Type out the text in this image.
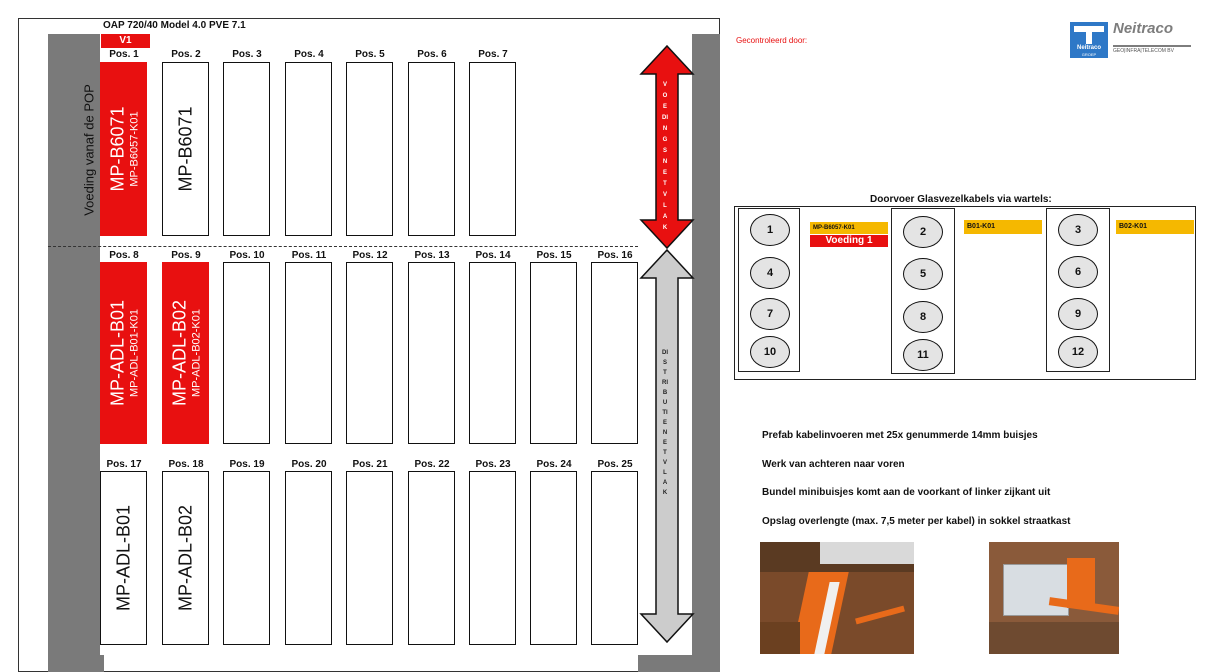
OAP 720/40 Model 4.0 PVE 7.1
V1
Voeding vanaf de POP
Pos. 1
MP-B6071 MP-B6057-K01
Pos. 2
MP-B6071
Pos. 3	Pos. 4	Pos. 5	Pos. 6	Pos. 7
Pos. 8
MP-ADL-B01 MP-ADL-B01-K01
Pos. 9
MP-ADL-B02 MP-ADL-B02-K01
Pos. 10	Pos. 11	Pos. 12	Pos. 13	Pos. 14	Pos. 15	Pos. 16
Pos. 17
MP-ADL-B01
Pos. 18
MP-ADL-B02
Pos. 19	Pos. 20	Pos. 21	Pos. 22	Pos. 23	Pos. 24	Pos. 25
VOEDINGSNETVLAK
DISTRIBUTIENETVLAK
Gecontroleerd door:
Neitraco
GROEP
Neitraco
GEO|INFRA|TELECOM BV
Doorvoer Glasvezelkabels via wartels:
1
4
7
10
2
5
8
11
3
6
9
12
MP-B6057-K01
Voeding 1
B01-K01	B02-K01
Prefab kabelinvoeren met 25x genummerde 14mm buisjes
Werk van achteren naar voren
Bundel minibuisjes komt aan de voorkant of linker zijkant uit
Opslag overlengte (max. 7,5 meter per kabel) in sokkel straatkast
